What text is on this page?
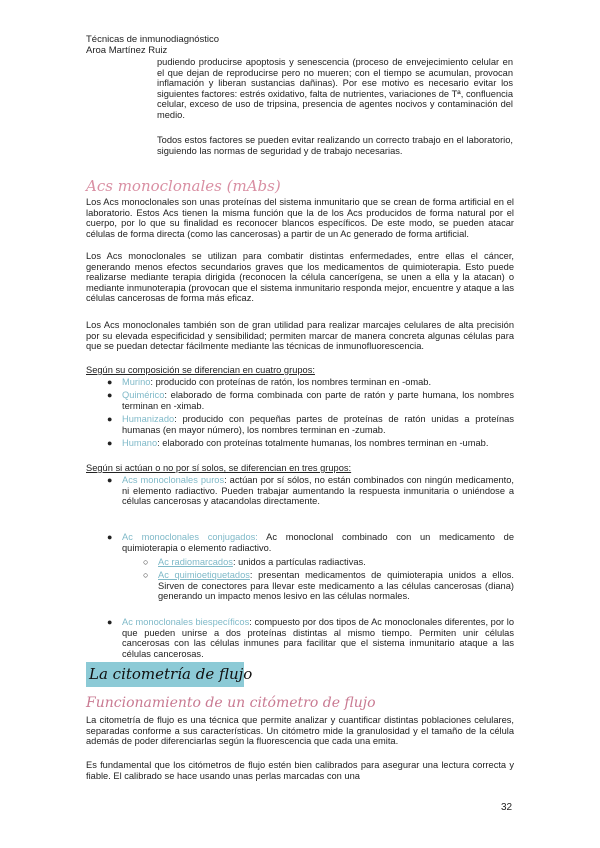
Técnicas de inmunodiagnóstico
Aroa Martínez Ruiz

pudiendo producirse apoptosis y senescencia (proceso de envejecimiento celular en el que dejan de reproducirse pero no mueren; con el tiempo se acumulan, provocan inflamación y liberan sustancias dañinas). Por ese motivo es necesario evitar los siguientes factores: estrés oxidativo, falta de nutrientes, variaciones de Tª, confluencia celular, exceso de uso de tripsina, presencia de agentes nocivos y contaminación del medio.

Todos estos factores se pueden evitar realizando un correcto trabajo en el laboratorio, siguiendo las normas de seguridad y de trabajo necesarias.

Acs monoclonales (mAbs)

Los Acs monoclonales son unas proteínas del sistema inmunitario que se crean de forma artificial en el laboratorio. Estos Acs tienen la misma función que la de los Acs producidos de forma natural por el cuerpo, por lo que su finalidad es reconocer blancos específicos. De este modo, se pueden atacar células de forma directa (como las cancerosas) a partir de un Ac generado de forma artificial.

Los Acs monoclonales se utilizan para combatir distintas enfermedades, entre ellas el cáncer, generando menos efectos secundarios graves que los medicamentos de quimioterapia. Esto puede realizarse mediante terapia dirigida (reconocen la célula cancerígena, se unen a ella y la atacan) o mediante inmunoterapia (provocan que el sistema inmunitario responda mejor, encuentre y ataque a las células cancerosas de forma más eficaz.

Los Acs monoclonales también son de gran utilidad para realizar marcajes celulares de alta precisión por su elevada especificidad y sensibilidad; permiten marcar de manera concreta algunas células para que se puedan detectar fácilmente mediante las técnicas de inmunofluorescencia.

Según su composición se diferencian en cuatro grupos:
● Murino: producido con proteínas de ratón, los nombres terminan en -omab.

● Quimérico: elaborado de forma combinada con parte de ratón y parte humana, los nombres terminan en -ximab.

● Humanizado: producido con pequeñas partes de proteínas de ratón unidas a proteínas humanas (en mayor número), los nombres terminan en -zumab.

● Humano: elaborado con proteínas totalmente humanas, los nombres terminan en -umab.

Según si actúan o no por sí solos, se diferencian en tres grupos:
● Acs monoclonales puros: actúan por sí sólos, no están combinados con ningún medicamento, ni elemento radiactivo. Pueden trabajar aumentando la respuesta inmunitaria o uniéndose a células cancerosas y atacandolas directamente.

● Ac monoclonales conjugados: Ac monoclonal combinado con un medicamento de quimioterapia o elemento radiactivo.

○ Ac radiomarcados: unidos a partículas radiactivas.

○ Ac quimioetiquetados: presentan medicamentos de quimioterapia unidos a ellos. Sirven de conectores para llevar este medicamento a las células cancerosas (diana) generando un impacto menos lesivo en las células normales.

● Ac monoclonales biespecíficos: compuesto por dos tipos de Ac monoclonales diferentes, por lo que pueden unirse a dos proteínas distintas al mismo tiempo. Permiten unir células cancerosas con las células inmunes para facilitar que el sistema inmunitario ataque a las células cancerosas.

La citometría de flujo
Funcionamiento de un citómetro de flujo

La citometría de flujo es una técnica que permite analizar y cuantificar distintas poblaciones celulares, separadas conforme a sus características. Un citómetro mide la granulosidad y el tamaño de la célula además de poder diferenciarlas según la fluorescencia que cada una emita.

Es fundamental que los citómetros de flujo estén bien calibrados para asegurar una lectura correcta y fiable. El calibrado se hace usando unas perlas marcadas con una

32
